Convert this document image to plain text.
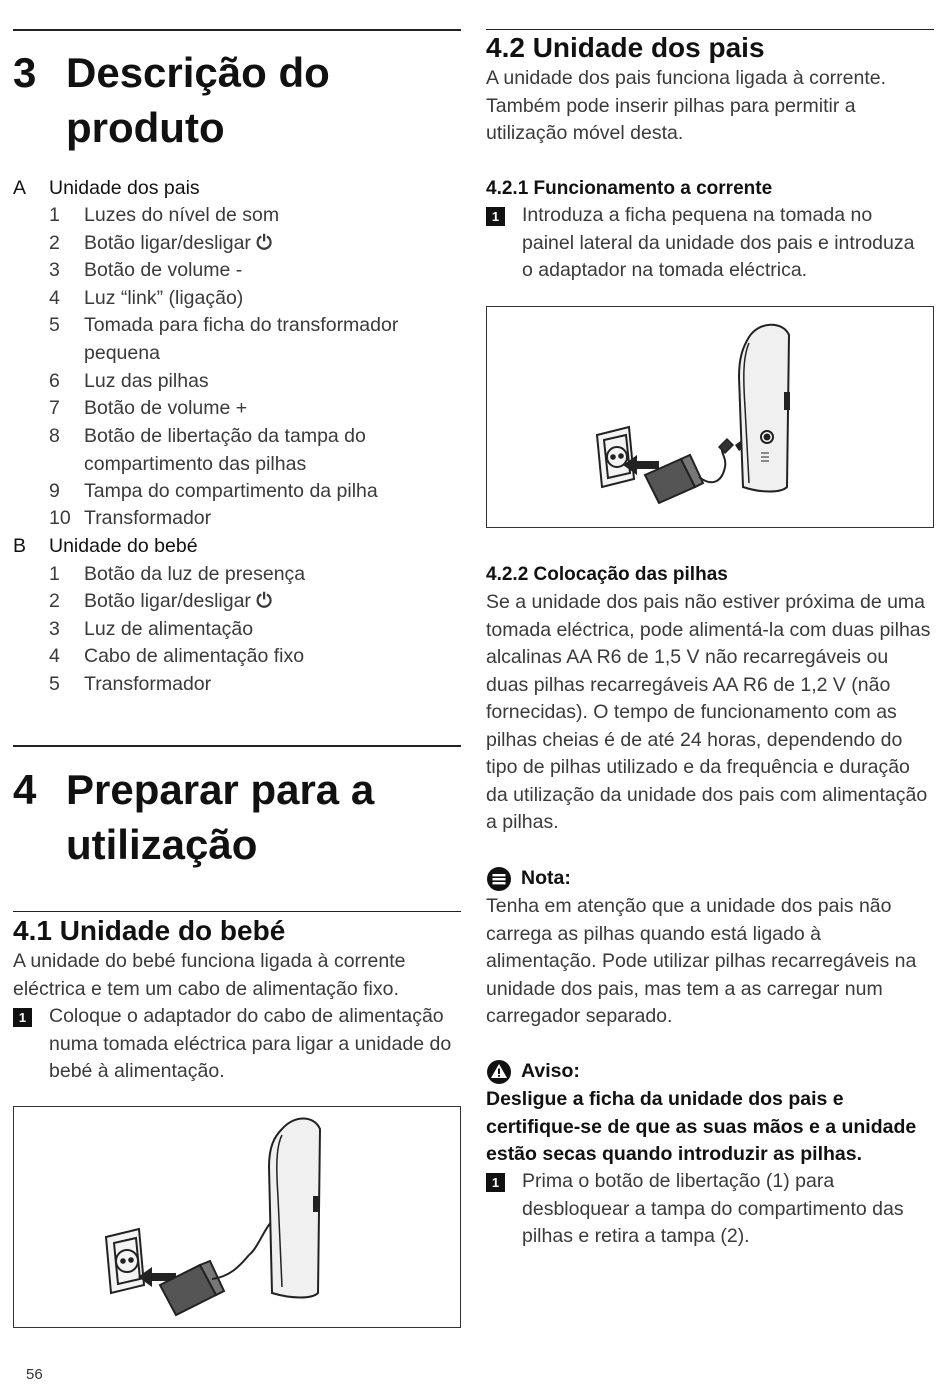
3 Descrição do produto
A Unidade dos pais
1 Luzes do nível de som
2 Botão ligar/desligar ⏻
3 Botão de volume -
4 Luz “link” (ligação)
5 Tomada para ficha do transformador pequena
6 Luz das pilhas
7 Botão de volume +
8 Botão de libertação da tampa do compartimento das pilhas
9 Tampa do compartimento da pilha
10 Transformador
B Unidade do bebé
1 Botão da luz de presença
2 Botão ligar/desligar ⏻
3 Luz de alimentação
4 Cabo de alimentação fixo
5 Transformador
4 Preparar para a utilização
4.1 Unidade do bebé
A unidade do bebé funciona ligada à corrente eléctrica e tem um cabo de alimentação fixo.
1	Coloque o adaptador do cabo de alimentação numa tomada eléctrica para ligar a unidade do bebé à alimentação.
56
4.2 Unidade dos pais
A unidade dos pais funciona ligada à corrente. Também pode inserir pilhas para permitir a utilização móvel desta.
4.2.1 Funcionamento a corrente
1	Introduza a ficha pequena na tomada no painel lateral da unidade dos pais e introduza o adaptador na tomada eléctrica.
4.2.2 Colocação das pilhas
Se a unidade dos pais não estiver próxima de uma tomada eléctrica, pode alimentá-la com duas pilhas alcalinas AA R6 de 1,5 V não recarregáveis ou duas pilhas recarregáveis AA R6 de 1,2 V (não fornecidas). O tempo de funcionamento com as pilhas cheias é de até 24 horas, dependendo do tipo de pilhas utilizado e da frequência e duração da utilização da unidade dos pais com alimentação a pilhas.
Nota:
Tenha em atenção que a unidade dos pais não carrega as pilhas quando está ligado à alimentação. Pode utilizar pilhas recarregáveis na unidade dos pais, mas tem a as carregar num carregador separado.
Aviso:
Desligue a ficha da unidade dos pais e certifique-se de que as suas mãos e a unidade estão secas quando introduzir as pilhas.
1	Prima o botão de libertação (1) para desbloquear a tampa do compartimento das pilhas e retira a tampa (2).
